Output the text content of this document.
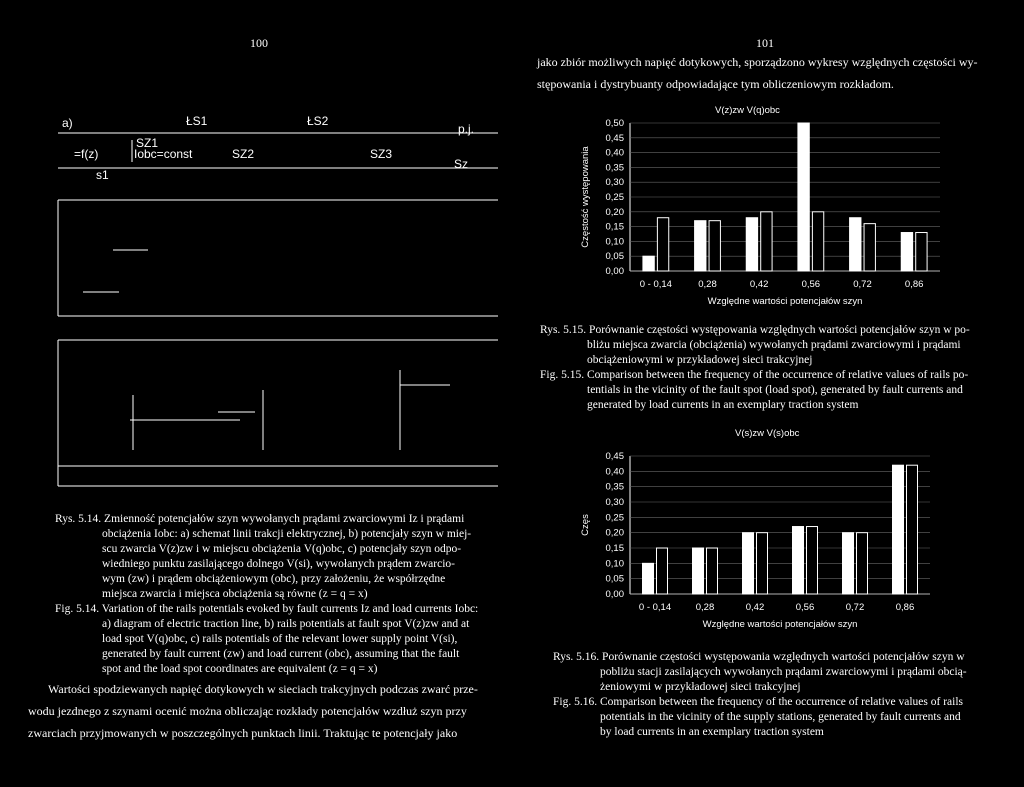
100	101
jako zbiór możliwych napięć dotykowych, sporządzono wykresy względnych częstości wy-
stępowania i dystrybuanty odpowiadające tym obliczeniowym rozkładom.
a)	ŁS1	ŁS2
p.j.
SZ1
=f(z)	Iobc=const	SZ2	SZ3
s1
Sz
Rys. 5.14. Zmienność potencjałów szyn wywołanych prądami zwarciowymi Iz i prądami
obciążenia Iobc: a) schemat linii trakcji elektrycznej, b) potencjały szyn w miej-
scu zwarcia V(z)zw i w miejscu obciążenia V(q)obc, c) potencjały szyn odpo-
wiedniego punktu zasilającego dolnego V(si), wywołanych prądem zwarcio-
wym (zw) i prądem obciążeniowym (obc), przy założeniu, że współrzędne
miejsca zwarcia i miejsca obciążenia są równe (z = q = x)
Fig. 5.14. Variation of the rails potentials evoked by fault currents Iz and load currents Iobc:
a) diagram of electric traction line, b) rails potentials at fault spot V(z)zw and at
load spot V(q)obc, c) rails potentials of the relevant lower supply point V(si),
generated by fault current (zw) and load current (obc), assuming that the fault
spot and the load spot coordinates are equivalent (z = q = x)
Wartości spodziewanych napięć dotykowych w sieciach trakcyjnych podczas zwarć prze-
wodu jezdnego z szynami ocenić można obliczając rozkłady potencjałów wzdłuż szyn przy
zwarciach przyjmowanych w poszczególnych punktach linii. Traktując te potencjały jako
0,00
0,05
0,10
0,15
0,20
0,25
0,30
0,35
0,40
0,45
0,50
0 - 0,14	0,28	0,42	0,56	0,72	0,86
Względne wartości potencjałów szyn
V(z)zw V(q)obc
Częstość występowania
0,00
0,05
0,10
0,15
0,20
0,25
0,30
0,35
0,40
0,45
0 - 0,14	0,28	0,42	0,56	0,72	0,86
Względne wartości potencjałów szyn
V(s)zw V(s)obc
Częs
Rys. 5.15. Porównanie częstości występowania względnych wartości potencjałów szyn w po-
bliżu miejsca zwarcia (obciążenia) wywołanych prądami zwarciowymi i prądami
obciążeniowymi w przykładowej sieci trakcyjnej
Fig. 5.15. Comparison between the frequency of the occurrence of relative values of rails po-
tentials in the vicinity of the fault spot (load spot), generated by fault currents and
generated by load currents in an exemplary traction system
Rys. 5.16. Porównanie częstości występowania względnych wartości potencjałów szyn w
pobliżu stacji zasilających wywołanych prądami zwarciowymi i prądami obcią-
żeniowymi w przykładowej sieci trakcyjnej
Fig. 5.16. Comparison between the frequency of the occurrence of relative values of rails
potentials in the vicinity of the supply stations, generated by fault currents and
by load currents in an exemplary traction system
